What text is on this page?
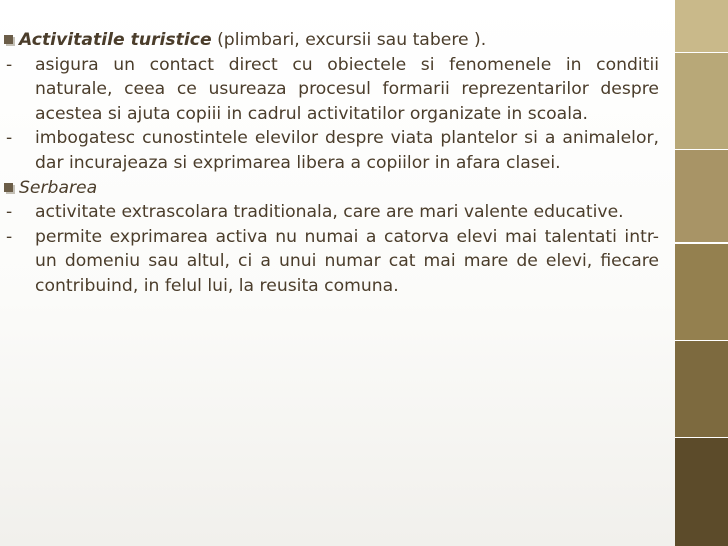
Activitatile turistice (plimbari, excursii sau tabere ).

- asigura un contact direct cu obiectele si fenomenele in conditii naturale, ceea ce usureaza procesul formarii reprezentarilor despre acestea si ajuta copiii in cadrul activitatilor organizate in scoala.

- imbogatesc cunostintele elevilor despre viata plantelor si a animalelor, dar incurajeaza si exprimarea libera a copiilor in afara clasei.

Serbarea

- activitate extrascolara traditionala, care are mari valente educative.

- permite exprimarea activa nu numai a catorva elevi mai talentati intr-un domeniu sau altul, ci a unui numar cat mai mare de elevi, fiecare contribuind, in felul lui, la reusita comuna.
